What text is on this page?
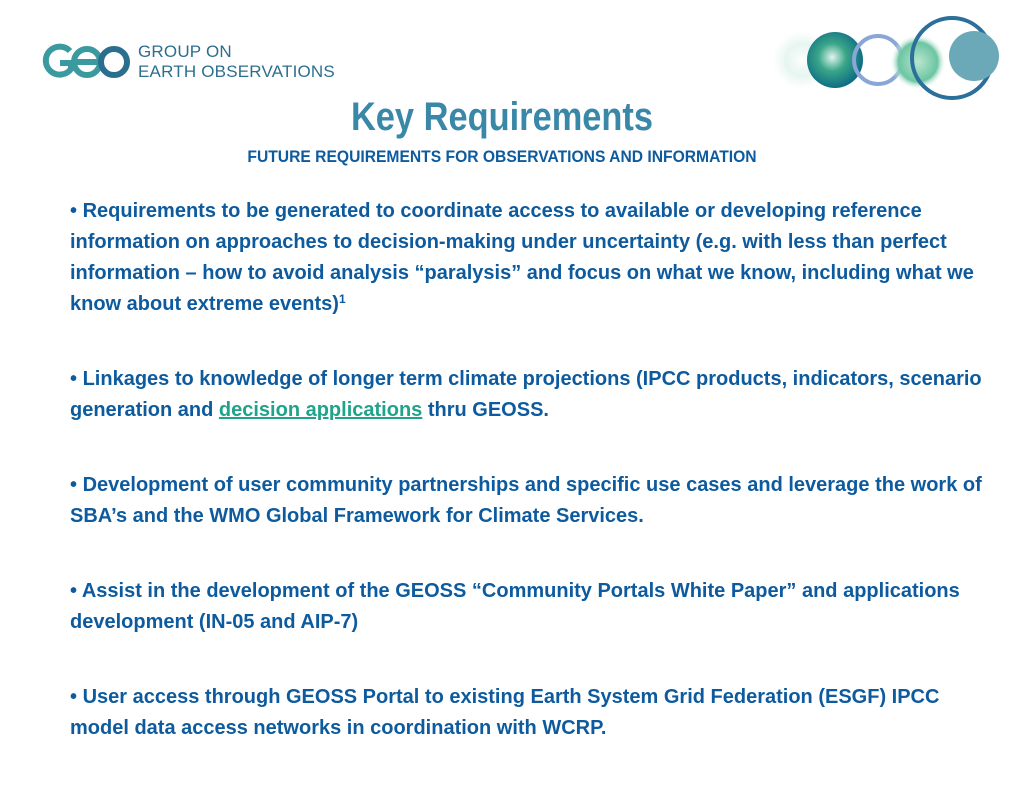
GROUP ON
EARTH OBSERVATIONS
Key Requirements
FUTURE REQUIREMENTS FOR OBSERVATIONS AND INFORMATION
• Requirements to be generated to coordinate access to available or developing reference information on approaches to decision-making under uncertainty (e.g. with less than perfect information – how to avoid analysis “paralysis” and focus on what we know, including what we know about extreme events)$^1$
• Linkages to knowledge of longer term climate projections (IPCC products, indicators, scenario generation and decision applications thru GEOSS.
• Development of user community partnerships and specific use cases and leverage the work of SBA’s and the WMO Global Framework for Climate Services.
• Assist in the development of the GEOSS “Community Portals White Paper” and applications development (IN-05 and AIP-7)
• User access through GEOSS Portal to existing Earth System Grid Federation (ESGF) IPCC model data access networks in coordination with WCRP.
